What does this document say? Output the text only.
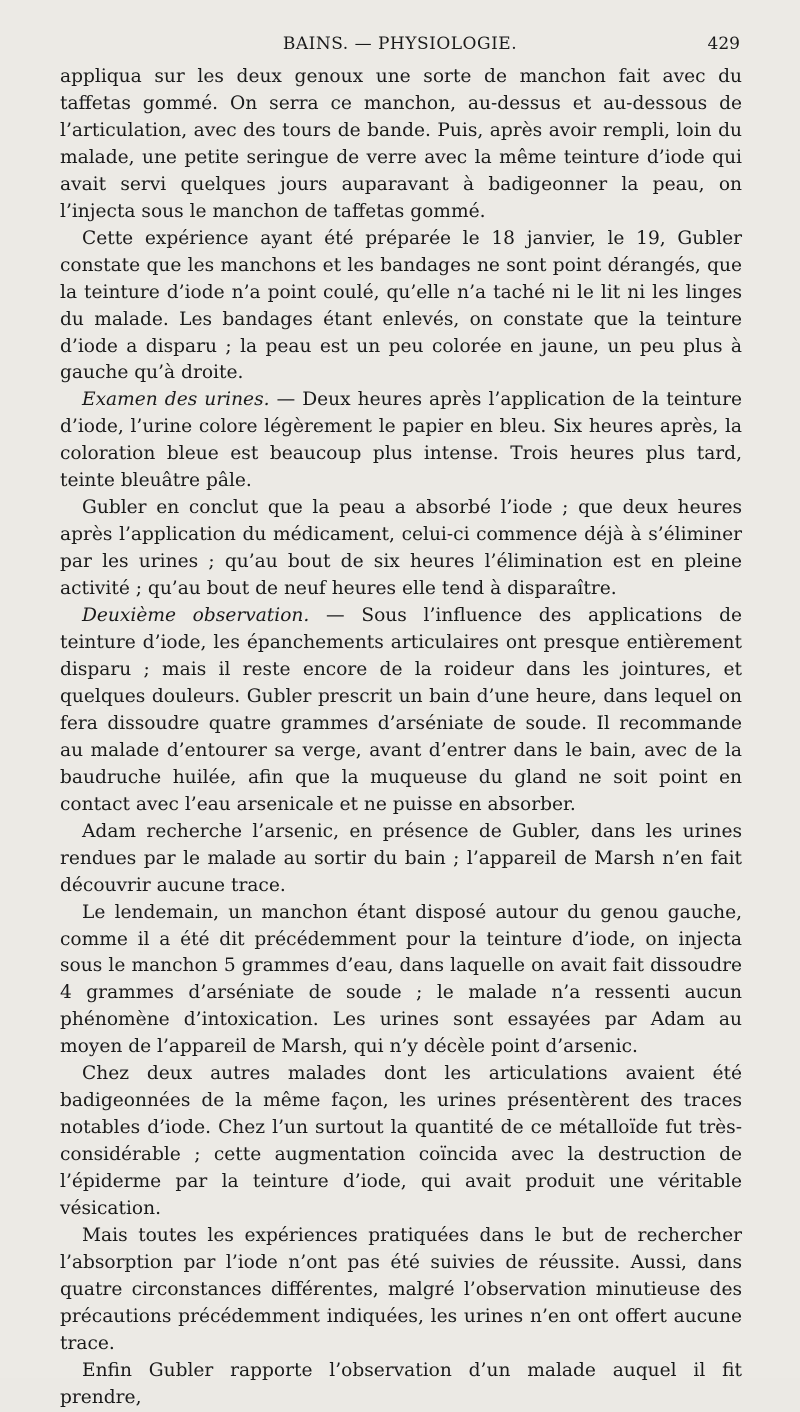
BAINS. — PHYSIOLOGIE.	429

appliqua sur les deux genoux une sorte de manchon fait avec du taffetas gommé. On serra ce manchon, au-dessus et au-dessous de l’articulation, avec des tours de bande. Puis, après avoir rempli, loin du malade, une petite seringue de verre avec la même teinture d’iode qui avait servi quelques jours auparavant à badigeonner la peau, on l’injecta sous le manchon de taffetas gommé.

Cette expérience ayant été préparée le 18 janvier, le 19, Gubler constate que les manchons et les bandages ne sont point dérangés, que la teinture d’iode n’a point coulé, qu’elle n’a taché ni le lit ni les linges du malade. Les bandages étant enlevés, on constate que la teinture d’iode a disparu ; la peau est un peu colorée en jaune, un peu plus à gauche qu’à droite.

Examen des urines. — Deux heures après l’application de la teinture d’iode, l’urine colore légèrement le papier en bleu. Six heures après, la coloration bleue est beaucoup plus intense. Trois heures plus tard, teinte bleuâtre pâle.

Gubler en conclut que la peau a absorbé l’iode ; que deux heures après l’application du médicament, celui-ci commence déjà à s’éliminer par les urines ; qu’au bout de six heures l’élimination est en pleine activité ; qu’au bout de neuf heures elle tend à disparaître.

Deuxième observation. — Sous l’influence des applications de teinture d’iode, les épanchements articulaires ont presque entièrement disparu ; mais il reste encore de la roideur dans les jointures, et quelques douleurs. Gubler prescrit un bain d’une heure, dans lequel on fera dissoudre quatre grammes d’arséniate de soude. Il recommande au malade d’entourer sa verge, avant d’entrer dans le bain, avec de la baudruche huilée, afin que la muqueuse du gland ne soit point en contact avec l’eau arsenicale et ne puisse en absorber.

Adam recherche l’arsenic, en présence de Gubler, dans les urines rendues par le malade au sortir du bain ; l’appareil de Marsh n’en fait découvrir aucune trace.

Le lendemain, un manchon étant disposé autour du genou gauche, comme il a été dit précédemment pour la teinture d’iode, on injecta sous le manchon 5 grammes d’eau, dans laquelle on avait fait dissoudre 4 grammes d’arséniate de soude ; le malade n’a ressenti aucun phénomène d’intoxication. Les urines sont essayées par Adam au moyen de l’appareil de Marsh, qui n’y décèle point d’arsenic.

Chez deux autres malades dont les articulations avaient été badigeonnées de la même façon, les urines présentèrent des traces notables d’iode. Chez l’un surtout la quantité de ce métalloïde fut très-considérable ; cette augmentation coïncida avec la destruction de l’épiderme par la teinture d’iode, qui avait produit une véritable vésication.

Mais toutes les expériences pratiquées dans le but de rechercher l’absorption par l’iode n’ont pas été suivies de réussite. Aussi, dans quatre circonstances différentes, malgré l’observation minutieuse des précautions précédemment indiquées, les urines n’en ont offert aucune trace.

Enfin Gubler rapporte l’observation d’un malade auquel il fit prendre,
